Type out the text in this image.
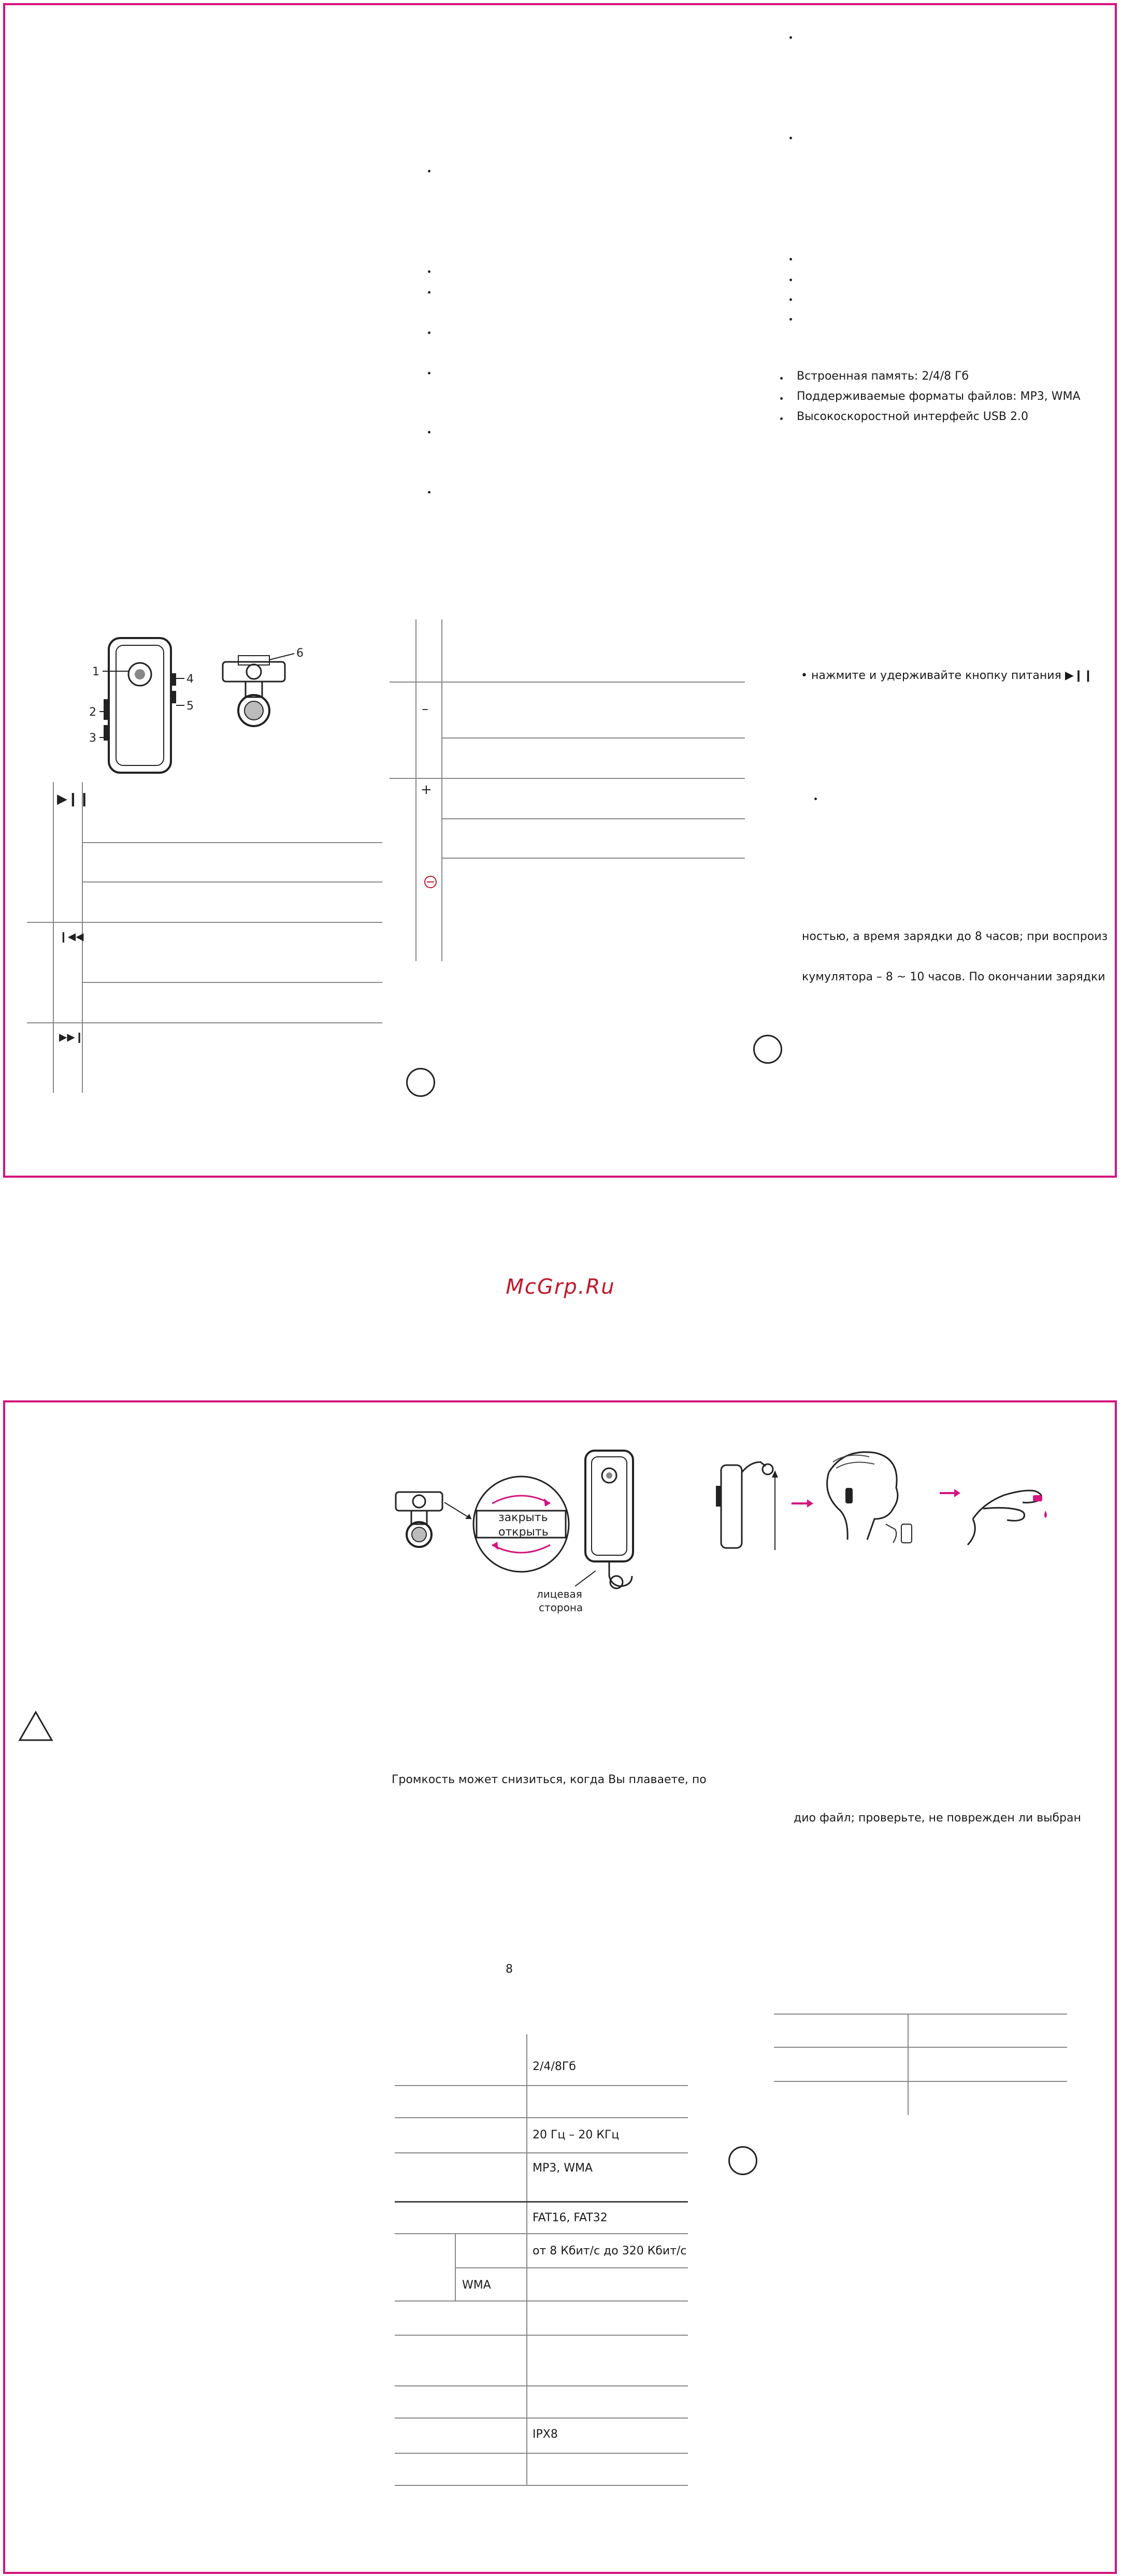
Встроенная память: 2/4/8 Гб
Поддерживаемые форматы файлов: MP3, WMA
Высокоскоростной интерфейс USB 2.0
1
2
3
4
5
6
▶❙❙
❙◀◀
▶▶❙
–
+
• нажмите и удерживайте кнопку питания ▶❙❙
ностью, а время зарядки до 8 часов; при воспроиз
кумулятора – 8 ~ 10 часов. По окончании зарядки
McGrp.Ru
закрыть
открыть
лицевая
сторона
Громкость может снизиться, когда Вы плаваете, по
дио файл; проверьте, не поврежден ли выбран
8
2/4/8Гб
20 Гц – 20 КГц
MP3, WMA
FAT16, FAT32
от 8 Кбит/с до 320 Кбит/с
WMA
IPX8
